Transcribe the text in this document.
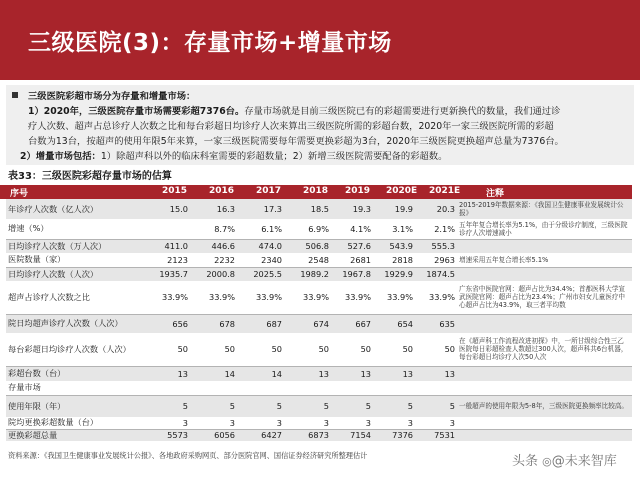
三级医院(3)：存量市场+增量市场
三级医院彩超市场分为存量和增量市场：
1）2020年，三级医院存量市场需要彩超7376台。存量市场就是目前三级医院已有的彩超需要进行更新换代的数量，我们通过诊
疗人次数、超声占总诊疗人次数之比和每台彩超日均诊疗人次来算出三级医院所需的彩超台数，2020年一家三级医院所需的彩超
台数为13台，按超声的使用年限5年来算，一家三级医院需要每年需要更换彩超为3台，2020年三级医院更换超声总量为7376台。
2）增量市场包括：1）除超声科以外的临床科室需要的彩超数量；2）新增三级医院需要配备的彩超数。
表33：三级医院彩超存量市场的估算
序号	2015 2016 2017 2018 2019 2020E 2021E	注释
年诊疗人次数（亿人次）	15.0	16.3	17.3	18.5	19.3	19.9	20.3	2015-2019年数据来源：《我国卫生健康事业发展统计公报》
增速（%）		8.7%	6.1%	6.9%	4.1%	3.1%	2.1%	五年年复合增长率为5.1%，由于分级诊疗制度，三级医院诊疗人次增速减小
日均诊疗人次数（万人次）	411.0	446.6	474.0	506.8	527.6	543.9	555.3	
医院数量（家）	2123	2232	2340	2548	2681	2818	2963	增速采用五年复合增长率5.1%
日均诊疗人次数（人次）	1935.7	2000.8	2025.5	1989.2	1967.8	1929.9	1874.5	
超声占诊疗人次数之比	33.9%	33.9%	33.9%	33.9%	33.9%	33.9%	33.9%	广东省中医院官网：超声占比为34.4%；首都医科大学宣武医院官网：超声占比为23.4%；广州市妇女儿童医疗中心超声占比为43.9%，取三者平均数
院日均超声诊疗人次数（人次）	656	678	687	674	667	654	635	
每台彩超日均诊疗人次数（人次）	50	50	50	50	50	50	50	在《超声科工作流程改进初探》中，一所甘级综合性三乙医院每日彩超检查人数超过300人次，超声科共6台机器，每台彩超日均诊疗人次50人次
彩超台数（台）	13	14	14	13	13	13	13	
存量市场								
使用年限（年）	5	5	5	5	5	5	5	一般超声的使用年限为5-8年，三级医院更换频率比较高。
院均更换彩超数量（台）	3	3	3	3	3	3	3	
更换彩超总量	5573	6056	6427	6873	7154	7376	7531	
资料来源：《我国卫生健康事业发展统计公报》、各地政府采购网页、部分医院官网、国信证券经济研究所整理估计	头条 ◎@未来智库
